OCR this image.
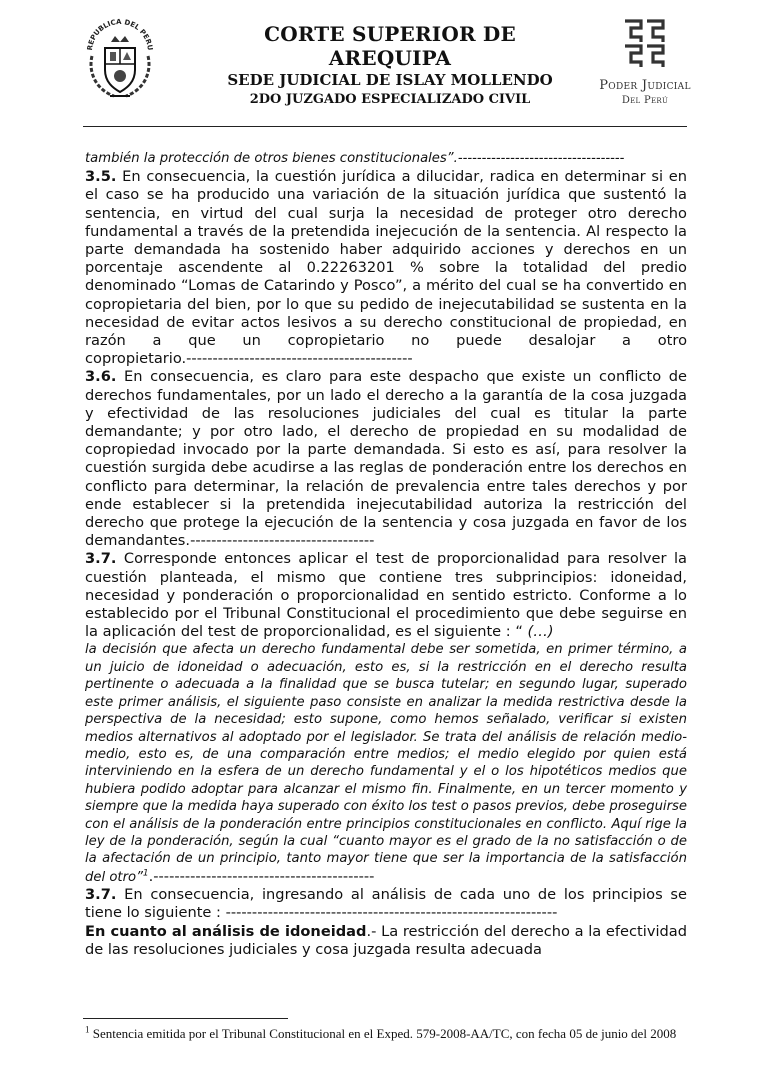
REPUBLICA DEL PERU
CORTE SUPERIOR DE AREQUIPA
SEDE JUDICIAL DE ISLAY MOLLENDO
2DO JUZGADO ESPECIALIZADO CIVIL
Poder Judicial
Del Perú

también la protección de otros bienes constitucionales”.-----------------------------------

3.5. En consecuencia, la cuestión jurídica a dilucidar, radica en determinar si en el caso se ha producido una variación de la situación jurídica que sustentó la sentencia, en virtud del cual surja la necesidad de proteger otro derecho fundamental a través de la pretendida inejecución de la sentencia. Al respecto la parte demandada ha sostenido haber adquirido acciones y derechos en un porcentaje ascendente al 0.22263201 % sobre la totalidad del predio denominado “Lomas de Catarindo y Posco”, a mérito del cual se ha convertido en copropietaria del bien, por lo que su pedido de inejecutabilidad se sustenta en la necesidad de evitar actos lesivos a su derecho constitucional de propiedad, en razón a que un copropietario no puede desalojar a otro copropietario.-------------------------------------------

3.6. En consecuencia, es claro para este despacho que existe un conflicto de derechos fundamentales, por un lado el derecho a la garantía de la cosa juzgada y efectividad de las resoluciones judiciales del cual es titular la parte demandante; y por otro lado, el derecho de propiedad en su modalidad de copropiedad invocado por la parte demandada. Si esto es así, para resolver la cuestión surgida debe acudirse a las reglas de ponderación entre los derechos en conflicto para determinar, la relación de prevalencia entre tales derechos y por ende establecer si la pretendida inejecutabilidad autoriza la restricción del derecho que protege la ejecución de la sentencia y cosa juzgada en favor de los demandantes.-----------------------------------

3.7. Corresponde entonces aplicar el test de proporcionalidad para resolver la cuestión planteada, el mismo que contiene tres subprincipios: idoneidad, necesidad y ponderación o proporcionalidad en sentido estricto. Conforme a lo establecido por el Tribunal Constitucional el procedimiento que debe seguirse en la aplicación del test de proporcionalidad, es el siguiente : “ (…)

la decisión que afecta un derecho fundamental debe ser sometida, en primer término, a un juicio de idoneidad o adecuación, esto es, si la restricción en el derecho resulta pertinente o adecuada a la finalidad que se busca tutelar; en segundo lugar, superado este primer análisis, el siguiente paso consiste en analizar la medida restrictiva desde la perspectiva de la necesidad; esto supone, como hemos señalado, verificar si existen medios alternativos al adoptado por el legislador. Se trata del análisis de relación medio-medio, esto es, de una comparación entre medios; el medio elegido por quien está interviniendo en la esfera de un derecho fundamental y el o los hipotéticos medios que hubiera podido adoptar para alcanzar el mismo fin. Finalmente, en un tercer momento y siempre que la medida haya superado con éxito los test o pasos previos, debe proseguirse con el análisis de la ponderación entre principios constitucionales en conflicto. Aquí rige la ley de la ponderación, según la cual “cuanto mayor es el grado de la no satisfacción o de la afectación de un principio, tanto mayor tiene que ser la importancia de la satisfacción del otro”$^1$.------------------------------------------

3.7. En consecuencia, ingresando al análisis de cada uno de los principios se tiene lo siguiente : ---------------------------------------------------------------

En cuanto al análisis de idoneidad.- La restricción del derecho a la efectividad de las resoluciones judiciales y cosa juzgada resulta adecuada

$^1$ Sentencia emitida por el Tribunal Constitucional en el Exped. 579-2008-AA/TC, con fecha 05 de junio del 2008
